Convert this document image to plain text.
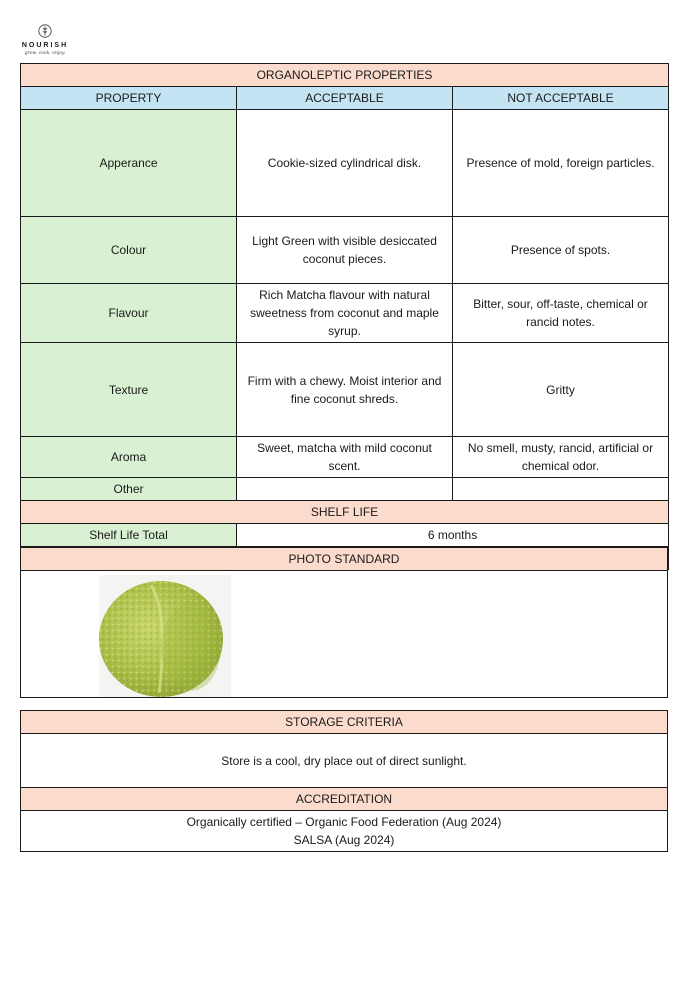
NOURISH
grow. cook. enjoy.
ORGANOLEPTIC PROPERTIES		
PROPERTY	ACCEPTABLE	NOT ACCEPTABLE
Apperance	Cookie-sized cylindrical disk.	Presence of mold, foreign particles.
Colour	Light Green with visible desiccated coconut pieces.	Presence of spots.
Flavour	Rich Matcha flavour with natural sweetness from coconut and maple syrup.	Bitter, sour, off-taste, chemical or rancid notes.
Texture	Firm with a chewy. Moist interior and fine coconut shreds.	Gritty
Aroma	Sweet, matcha with mild coconut scent.	No smell, musty, rancid, artificial or chemical odor.
Other		
SHELF LIFE		
Shelf Life Total	6 months	

PHOTO STANDARD

STORAGE CRITERIA
Store is a cool, dry place out of direct sunlight.
ACCREDITATION

Organically certified – Organic Food Federation (Aug 2024)
SALSA (Aug 2024)
